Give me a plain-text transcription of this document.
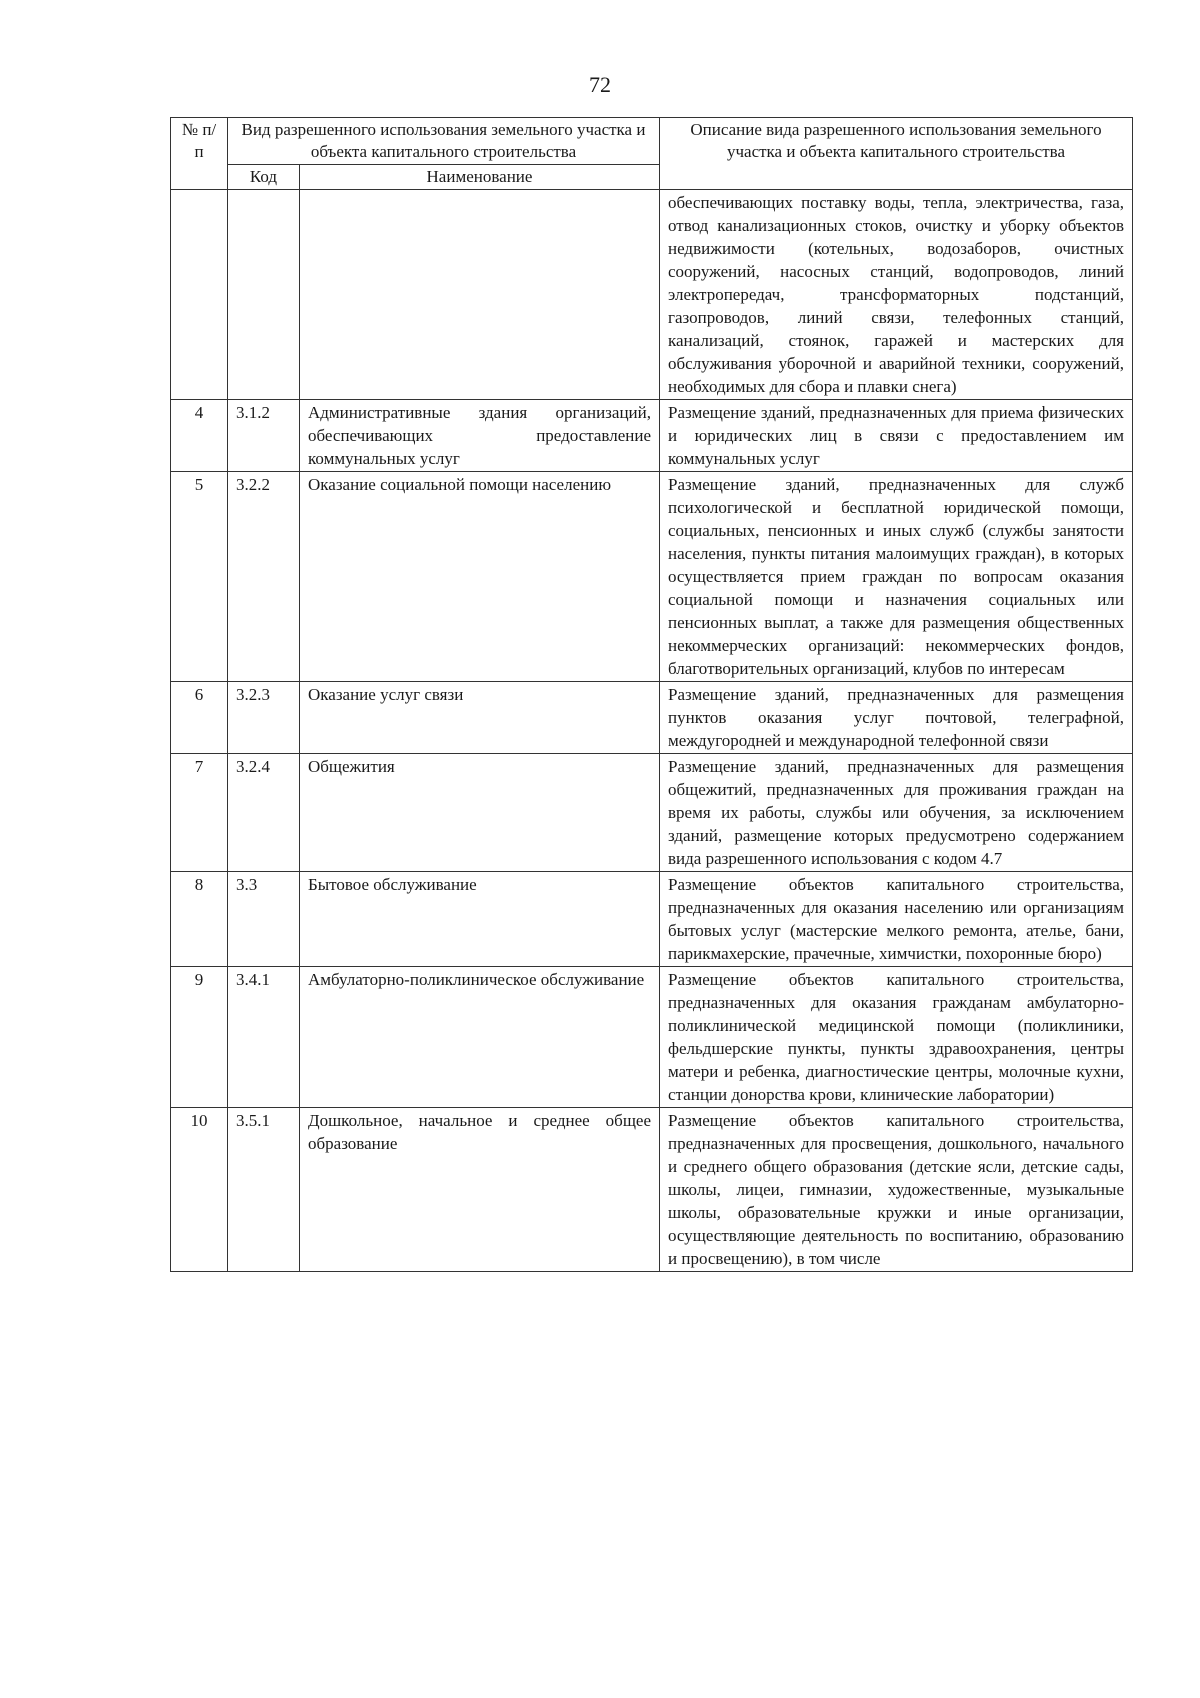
72
№ п/п	Вид разрешенного использования земельного участка и объекта капитального строительства		Описание вида разрешенного использования земельного участка и объекта капитального строительства
	Код	Наименование	
			обеспечивающих поставку воды, тепла, электричества, газа, отвод канализационных стоков, очистку и уборку объектов недвижимости (котельных, водозаборов, очистных сооружений, насосных станций, водопроводов, линий электропередач, трансформаторных подстанций, газопроводов, линий связи, телефонных станций, канализаций, стоянок, гаражей и мастерских для обслуживания уборочной и аварийной техники, сооружений, необходимых для сбора и плавки снега)
4	3.1.2	Административные здания организаций, обеспечивающих предоставление коммунальных услуг	Размещение зданий, предназначенных для приема физических и юридических лиц в связи с предоставлением им коммунальных услуг
5	3.2.2	Оказание социальной помощи населению	Размещение зданий, предназначенных для служб психологической и бесплатной юридической помощи, социальных, пенсионных и иных служб (службы занятости населения, пункты питания малоимущих граждан), в которых осуществляется прием граждан по вопросам оказания социальной помощи и назначения социальных или пенсионных выплат, а также для размещения общественных некоммерческих организаций: некоммерческих фондов, благотворительных организаций, клубов по интересам
6	3.2.3	Оказание услуг связи	Размещение зданий, предназначенных для размещения пунктов оказания услуг почтовой, телеграфной, междугородней и международной телефонной связи
7	3.2.4	Общежития	Размещение зданий, предназначенных для размещения общежитий, предназначенных для проживания граждан на время их работы, службы или обучения, за исключением зданий, размещение которых предусмотрено содержанием вида разрешенного использования с кодом 4.7
8	3.3	Бытовое обслуживание	Размещение объектов капитального строительства, предназначенных для оказания населению или организациям бытовых услуг (мастерские мелкого ремонта, ателье, бани, парикмахерские, прачечные, химчистки, похоронные бюро)
9	3.4.1	Амбулаторно-поликлиническое обслуживание	Размещение объектов капитального строительства, предназначенных для оказания гражданам амбулаторно-поликлинической медицинской помощи (поликлиники, фельдшерские пункты, пункты здравоохранения, центры матери и ребенка, диагностические центры, молочные кухни, станции донорства крови, клинические лаборатории)
10	3.5.1	Дошкольное, начальное и среднее общее образование	Размещение объектов капитального строительства, предназначенных для просвещения, дошкольного, начального и среднего общего образования (детские ясли, детские сады, школы, лицеи, гимназии, художественные, музыкальные школы, образовательные кружки и иные организации, осуществляющие деятельность по воспитанию, образованию и просвещению), в том числе
